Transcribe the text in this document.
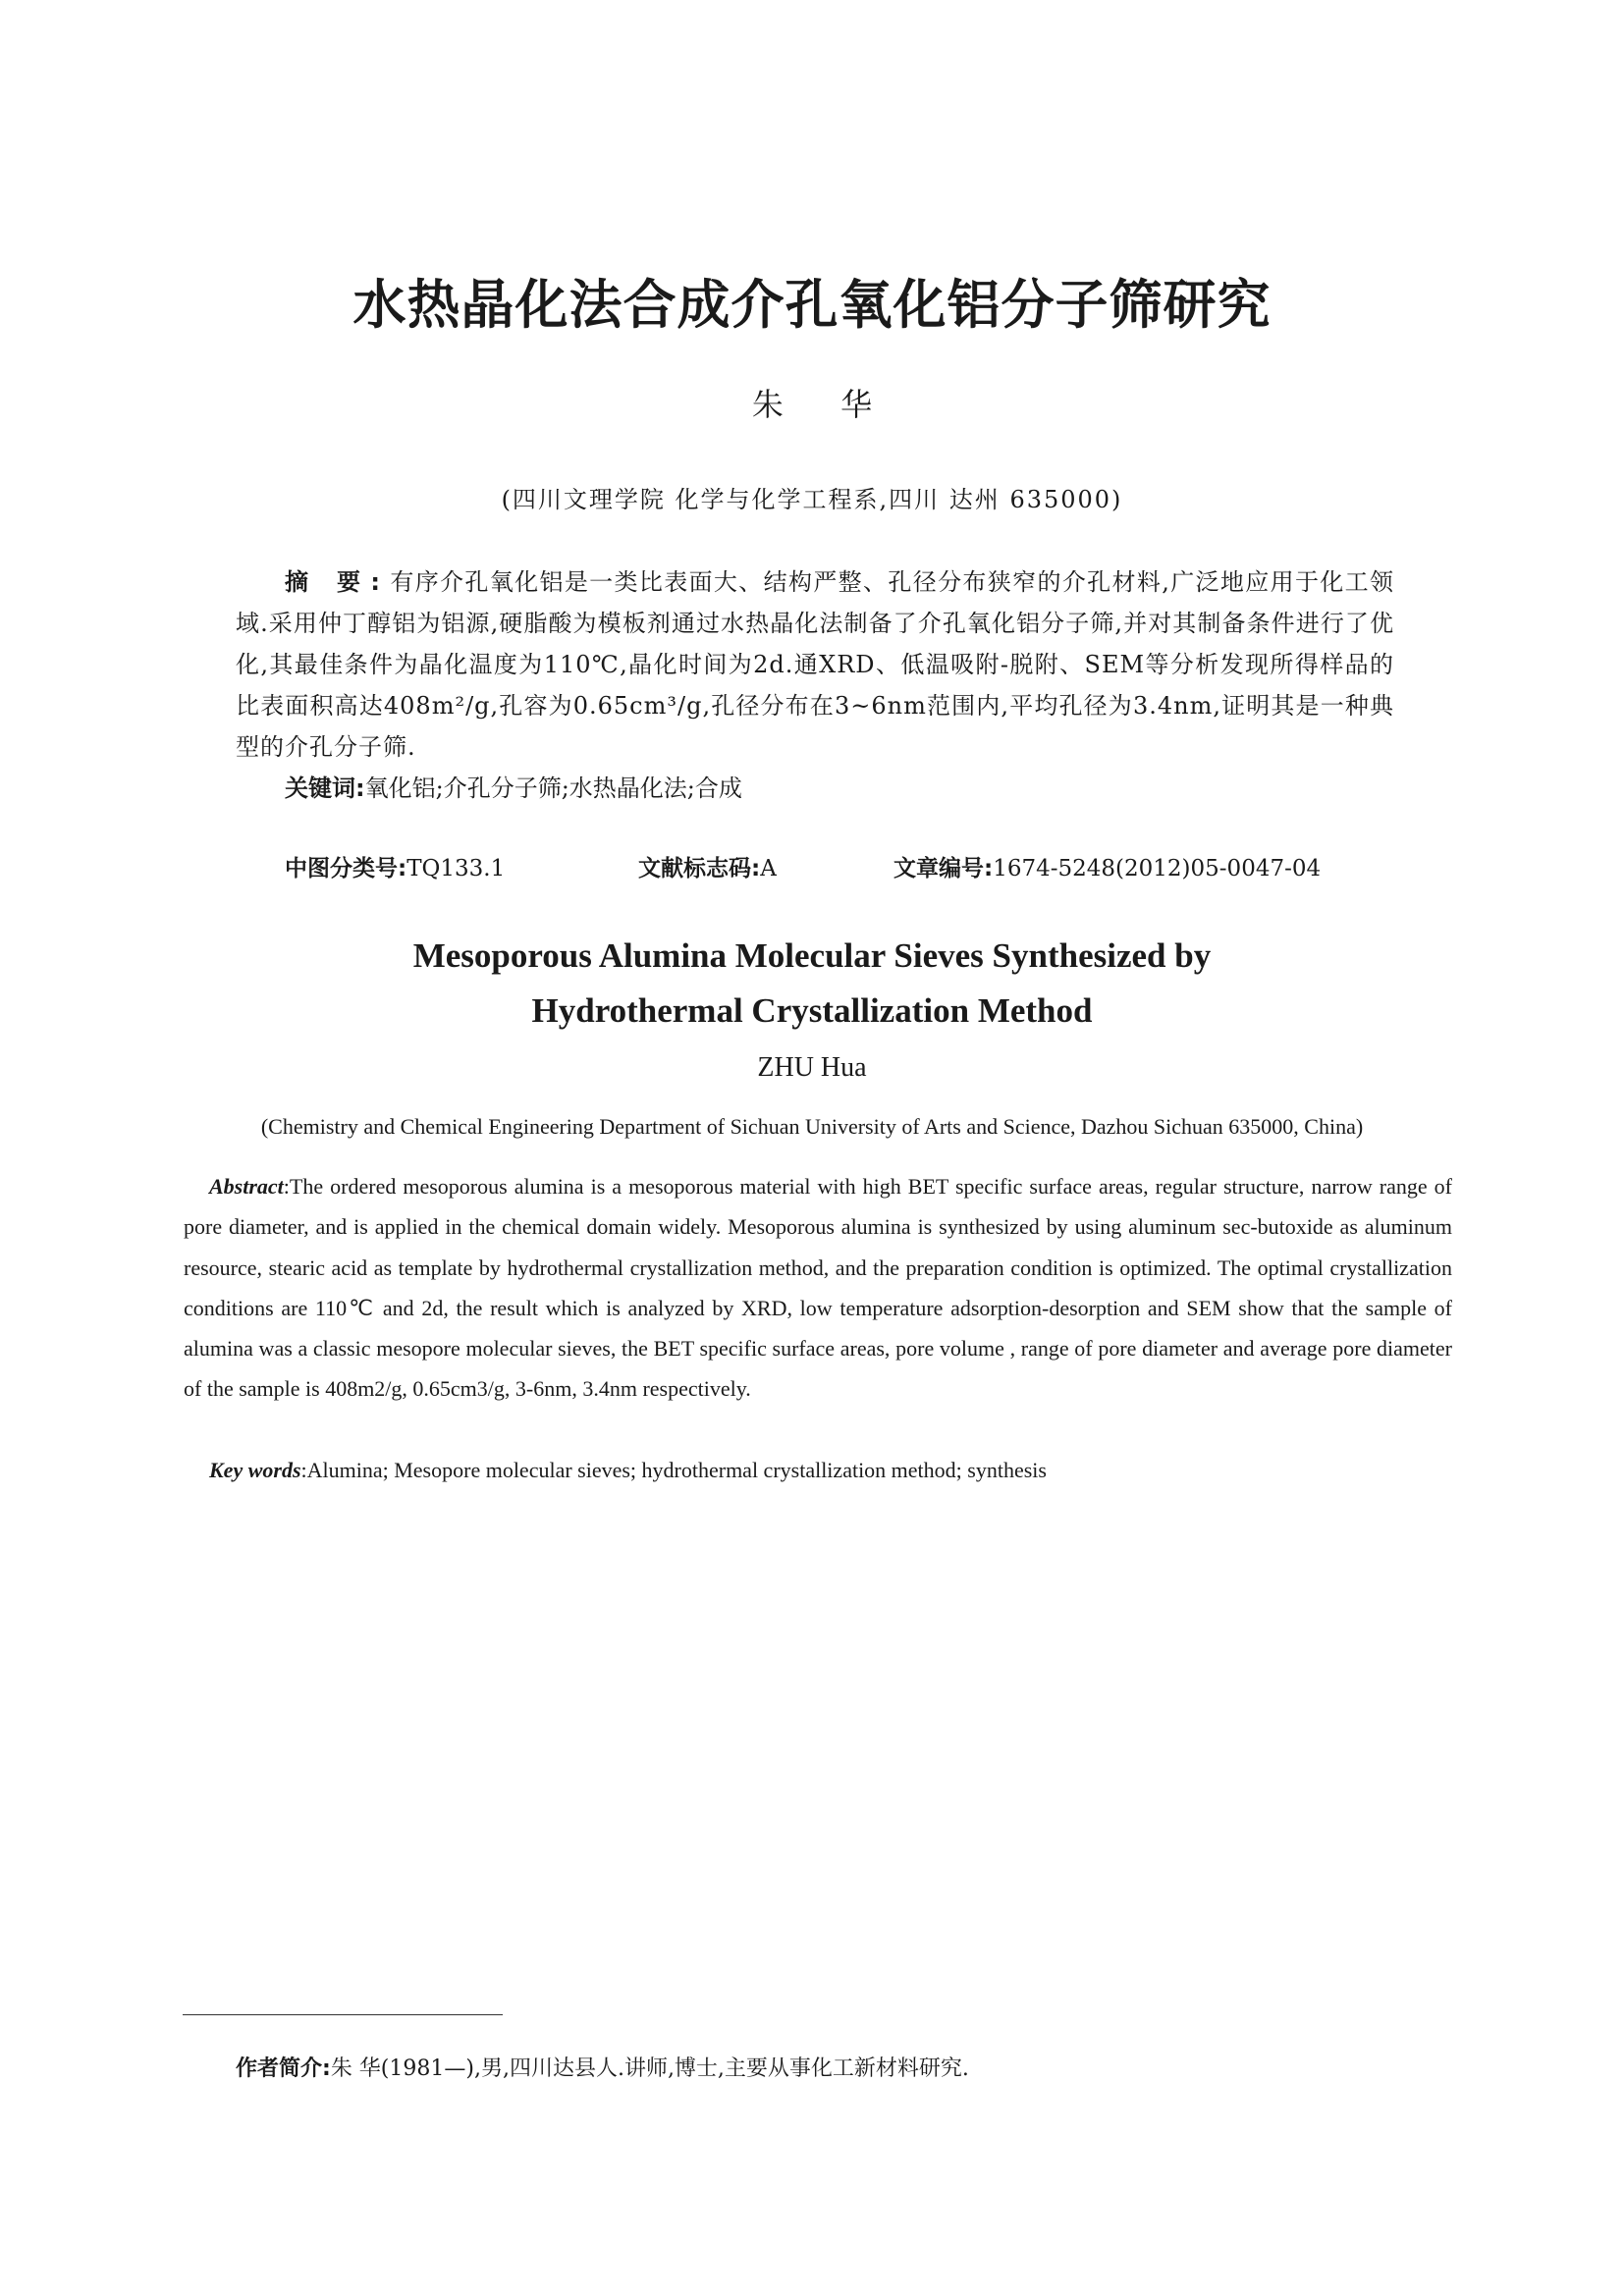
水热晶化法合成介孔氧化铝分子筛研究
朱 华
(四川文理学院 化学与化学工程系,四川 达州 635000)
摘 要:有序介孔氧化铝是一类比表面大、结构严整、孔径分布狭窄的介孔材料,广泛地应用于化工领域.采用仲丁醇铝为铝源,硬脂酸为模板剂通过水热晶化法制备了介孔氧化铝分子筛,并对其制备条件进行了优化,其最佳条件为晶化温度为110℃,晶化时间为2d.通XRD、低温吸附-脱附、SEM等分析发现所得样品的比表面积高达408m²/g,孔容为0.65cm³/g,孔径分布在3~6nm范围内,平均孔径为3.4nm,证明其是一种典型的介孔分子筛.
关键词:氧化铝;介孔分子筛;水热晶化法;合成
中图分类号:TQ133.1	文献标志码:A	文章编号:1674-5248(2012)05-0047-04
Mesoporous Alumina Molecular Sieves Synthesized by
Hydrothermal Crystallization Method
ZHU Hua
(Chemistry and Chemical Engineering Department of Sichuan University of Arts and Science, Dazhou Sichuan 635000, China)
Abstract:The ordered mesoporous alumina is a mesoporous material with high BET specific surface areas, regular structure, narrow range of pore diameter, and is applied in the chemical domain widely. Mesoporous alumina is synthesized by using aluminum sec-butoxide as aluminum resource, stearic acid as template by hydrothermal crystallization method, and the preparation condition is optimized. The optimal crystallization conditions are 110℃ and 2d, the result which is analyzed by XRD, low temperature adsorption-desorption and SEM show that the sample of alumina was a classic mesopore molecular sieves, the BET specific surface areas, pore volume , range of pore diameter and average pore diameter of the sample is 408m2/g, 0.65cm3/g, 3-6nm, 3.4nm respectively.
Key words:Alumina; Mesopore molecular sieves; hydrothermal crystallization method; synthesis
作者简介:朱 华(1981—),男,四川达县人.讲师,博士,主要从事化工新材料研究.
